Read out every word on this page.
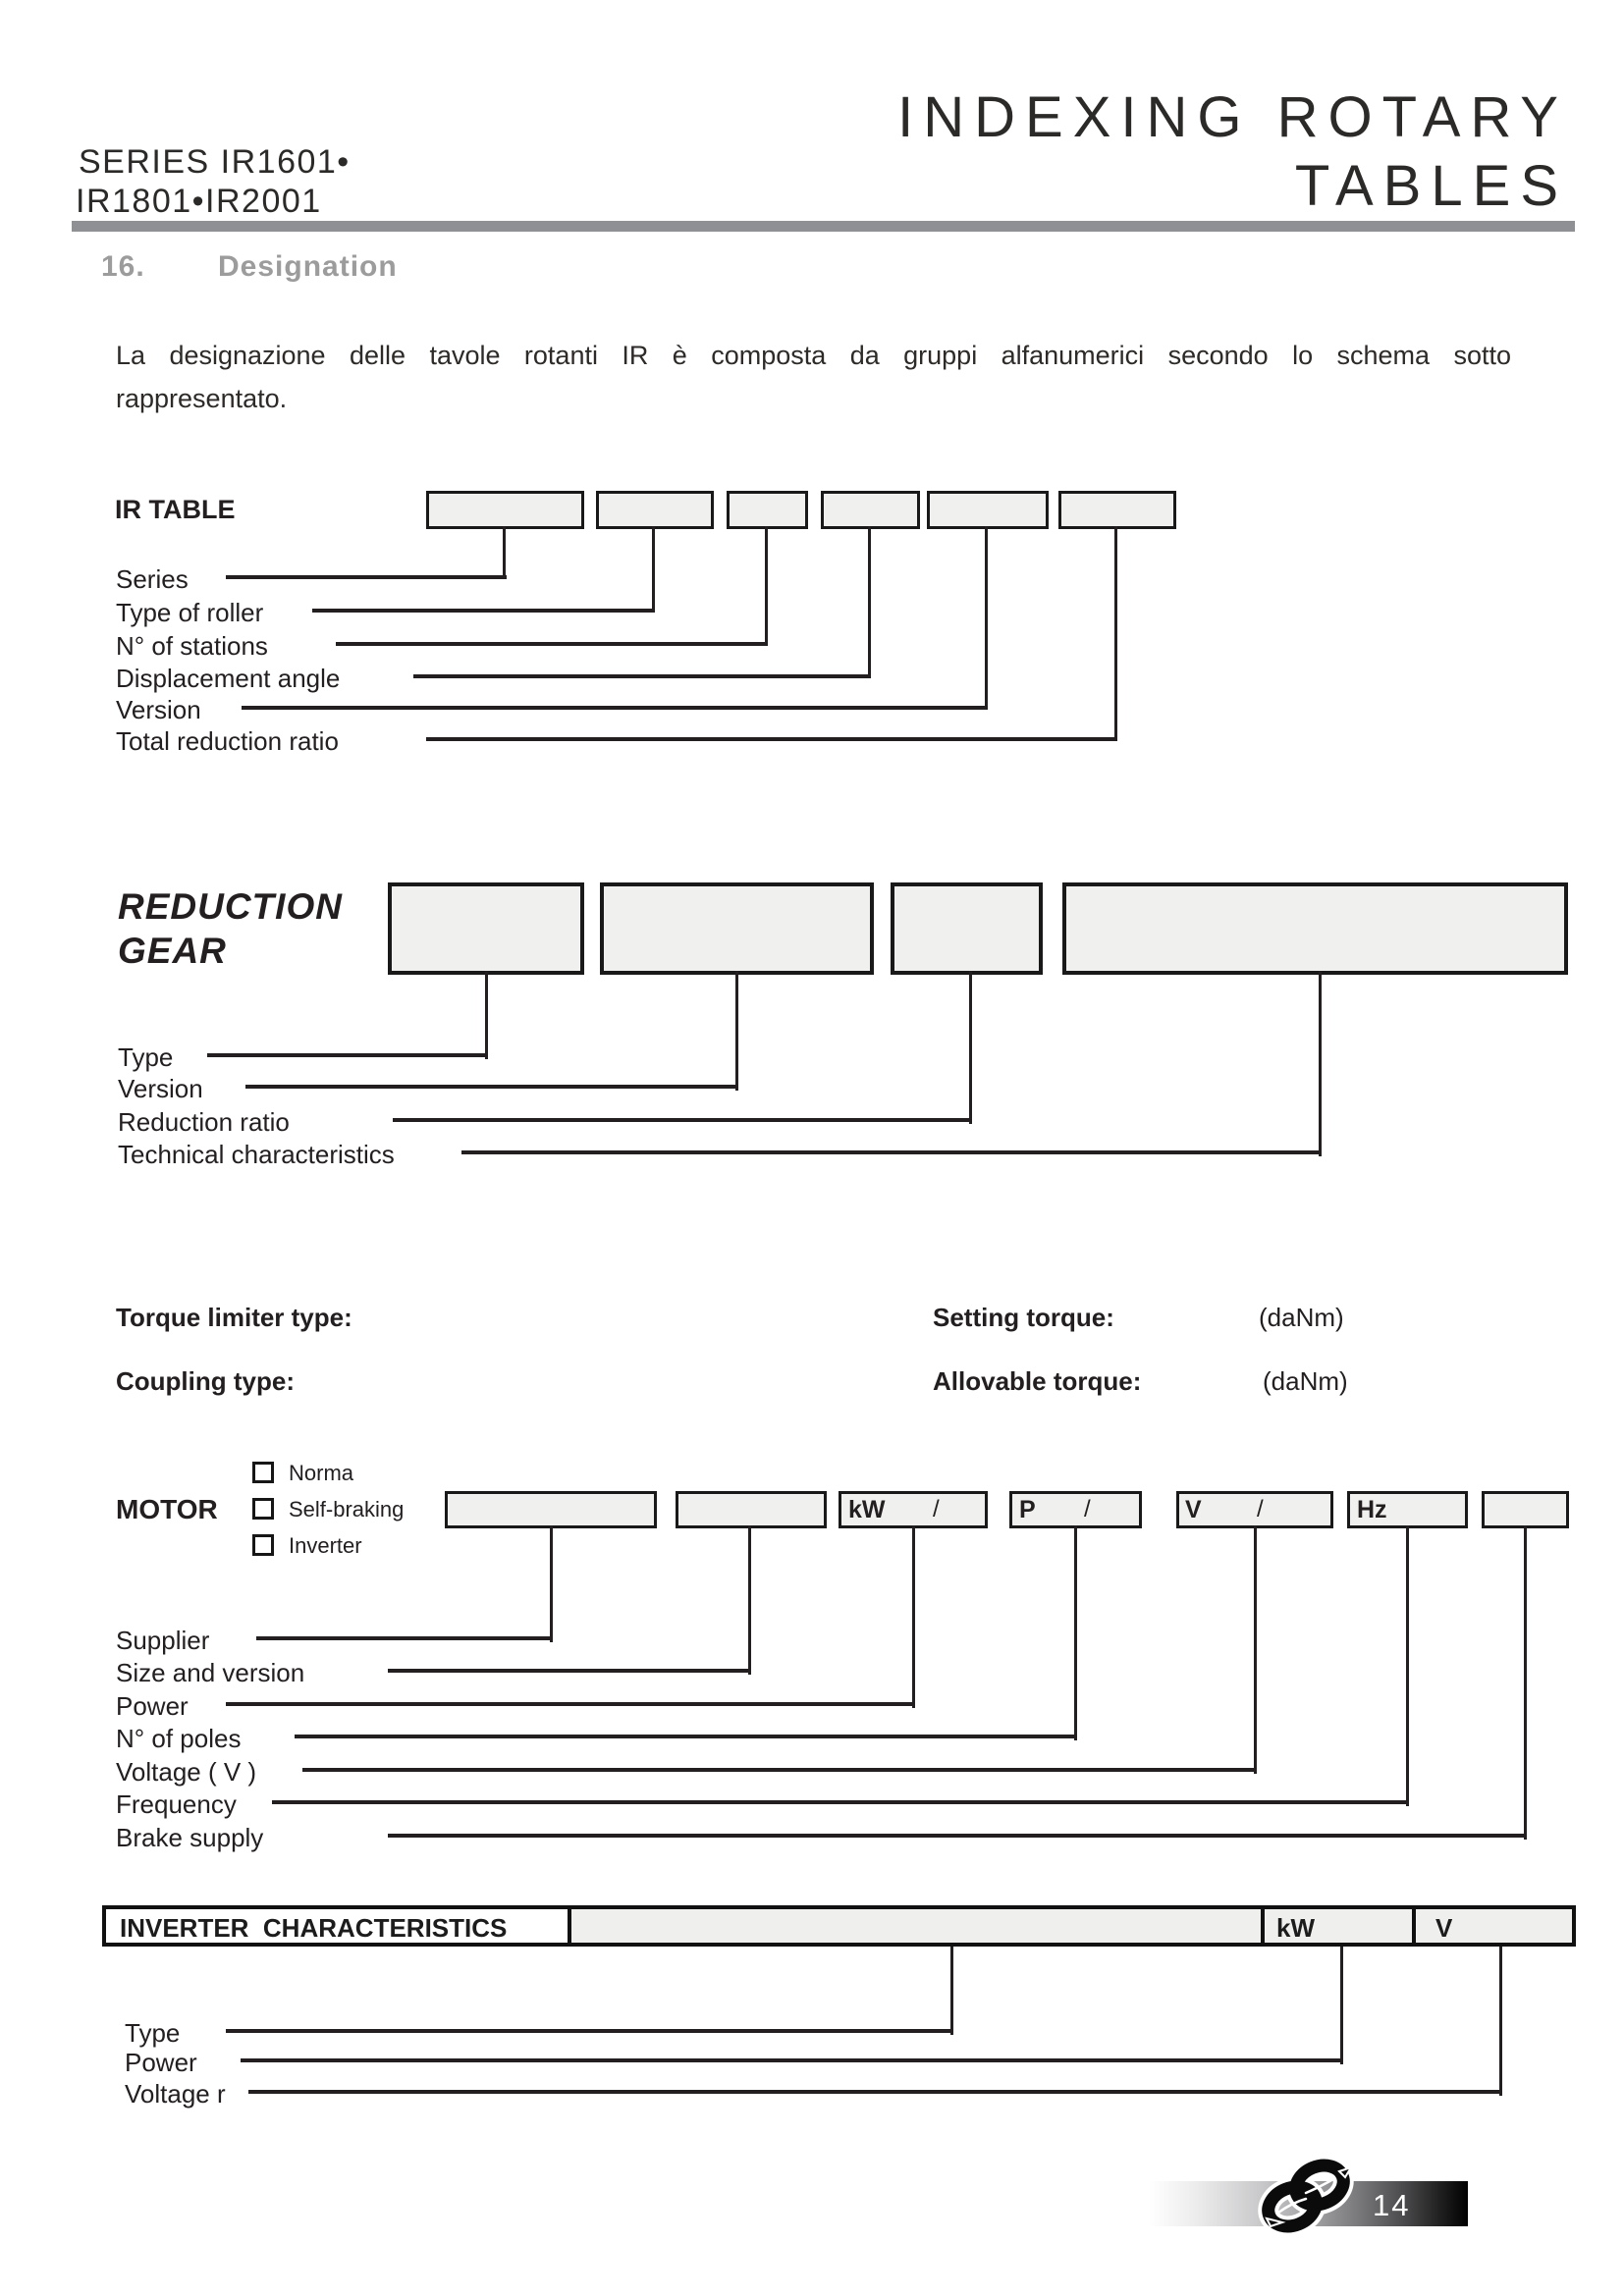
INDEXING ROTARY
TABLES
SERIES IR1601•
IR1801•IR2001
16. Designation
La designazione delle tavole rotanti IR è composta da gruppi alfanumerici secondo lo schema sotto
rappresentato.
IR TABLE
Series
Type of roller
N° of stations
Displacement angle
Version
Total reduction ratio
REDUCTION
GEAR
Type
Version
Reduction ratio
Technical characteristics
Torque limiter type:	Setting torque:	(daNm)
Coupling type:	Allovable torque:	(daNm)
MOTOR
Norma
Self-braking
Inverter
kW /	P /	V /	Hz
Supplier
Size and version
Power
N° of poles
Voltage ( V )
Frequency
Brake supply
INVERTER  CHARACTERISTICS	kW	V
Type
Power
Voltage r
14
